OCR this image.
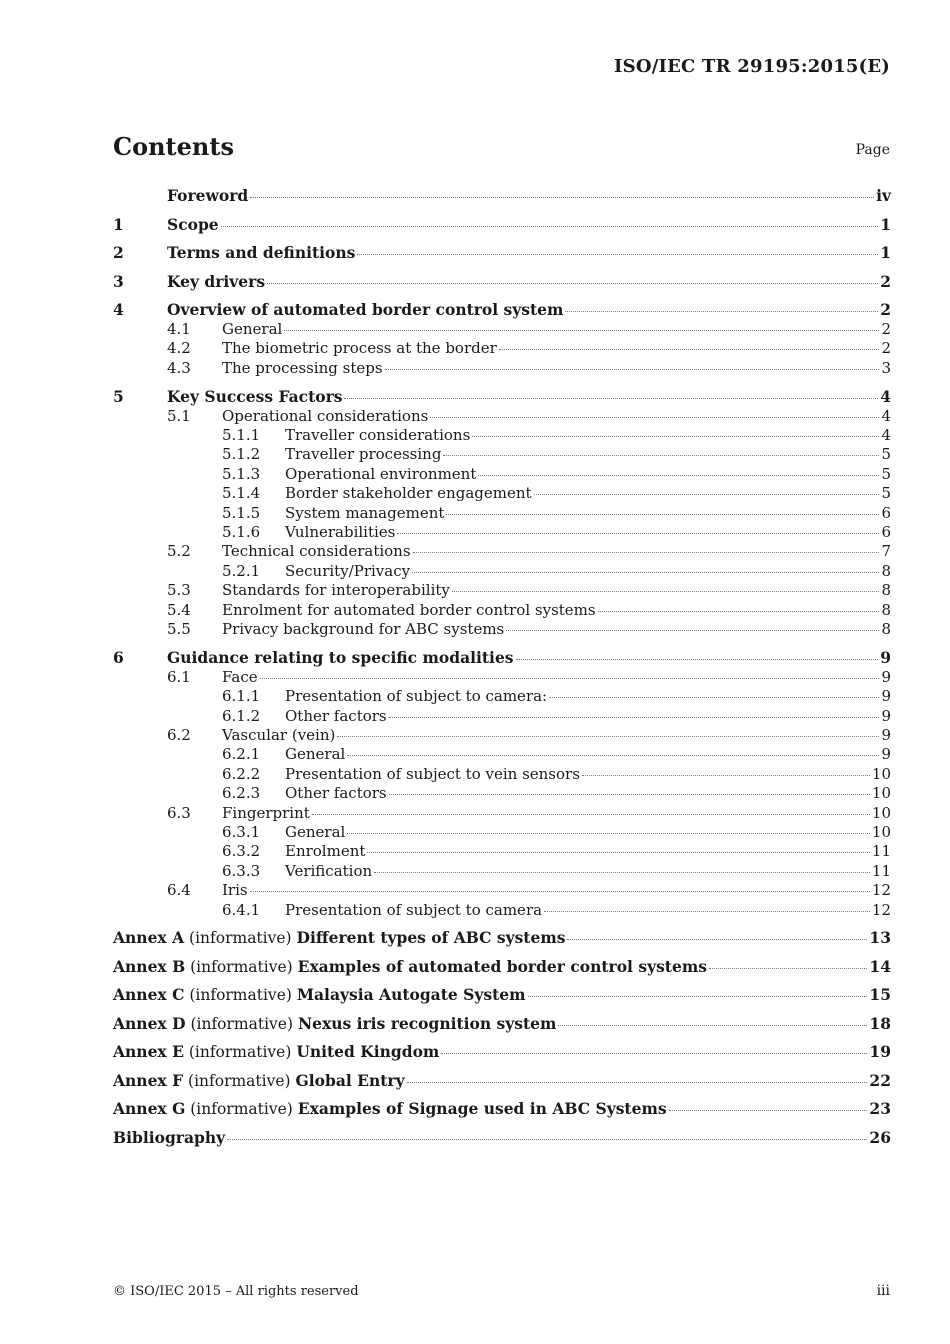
ISO/IEC TR 29195:2015(E)
Contents	Page
Foreword	iv
1	Scope	1
2	Terms and definitions	1
3	Key drivers	2
4	Overview of automated border control system	2
4.1	General	2
4.2	The biometric process at the border	2
4.3	The processing steps	3
5	Key Success Factors	4
5.1	Operational considerations	4
5.1.1	Traveller considerations	4
5.1.2	Traveller processing	5
5.1.3	Operational environment	5
5.1.4	Border stakeholder engagement	5
5.1.5	System management	6
5.1.6	Vulnerabilities	6
5.2	Technical considerations	7
5.2.1	Security/Privacy	8
5.3	Standards for interoperability	8
5.4	Enrolment for automated border control systems	8
5.5	Privacy background for ABC systems	8
6	Guidance relating to specific modalities	9
6.1	Face	9
6.1.1	Presentation of subject to camera:	9
6.1.2	Other factors	9
6.2	Vascular (vein)	9
6.2.1	General	9
6.2.2	Presentation of subject to vein sensors	10
6.2.3	Other factors	10
6.3	Fingerprint	10
6.3.1	General	10
6.3.2	Enrolment	11
6.3.3	Verification	11
6.4	Iris	12
6.4.1	Presentation of subject to camera	12
Annex A (informative) Different types of ABC systems	13
Annex B (informative) Examples of automated border control systems	14
Annex C (informative) Malaysia Autogate System	15
Annex D (informative) Nexus iris recognition system	18
Annex E (informative) United Kingdom	19
Annex F (informative) Global Entry	22
Annex G (informative) Examples of Signage used in ABC Systems	23
Bibliography	26
© ISO/IEC 2015 – All rights reserved	iii
